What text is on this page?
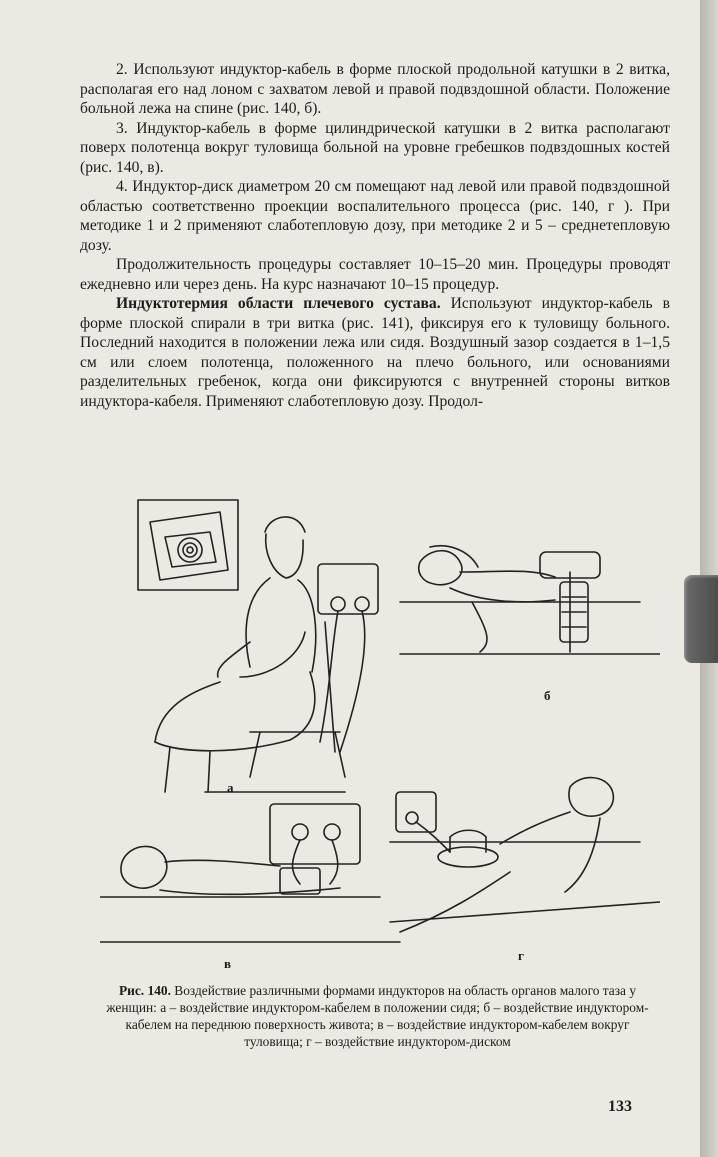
2. Используют индуктор-кабель в форме плоской продольной катушки в 2 витка, располагая его над лоном с захватом левой и правой подвздошной области. Положение больной лежа на спине (рис. 140, б).

3. Индуктор-кабель в форме цилиндрической катушки в 2 витка располагают поверх полотенца вокруг туловища больной на уровне гребешков подвздошных костей (рис. 140, в).

4. Индуктор-диск диаметром 20 см помещают над левой или правой подвздошной областью соответственно проекции воспалительного процесса (рис. 140, г ). При методике 1 и 2 применяют слаботепловую дозу, при методике 2 и 5 – среднетепловую дозу.

Продолжительность процедуры составляет 10–15–20 мин. Процедуры проводят ежедневно или через день. На курс назначают 10–15 процедур.

Индуктотермия области плечевого сустава. Используют индуктор-кабель в форме плоской спирали в три витка (рис. 141), фиксируя его к туловищу больного. Последний находится в положении лежа или сидя. Воздушный зазор создается в 1–1,5 см или слоем полотенца, положенного на плечо больного, или основаниями разделительных гребенок, когда они фиксируются с внутренней стороны витков индуктора-кабеля. Применяют слаботепловую дозу. Продол-

а
б
в
г
Рис. 140. Воздействие различными формами индукторов на область органов малого таза у женщин: а – воздействие индуктором-кабелем в положении сидя; б – воздействие индуктором-кабелем на переднюю поверхность живота; в – воздействие индуктором-кабелем вокруг туловища; г – воздействие индуктором-диском
133
